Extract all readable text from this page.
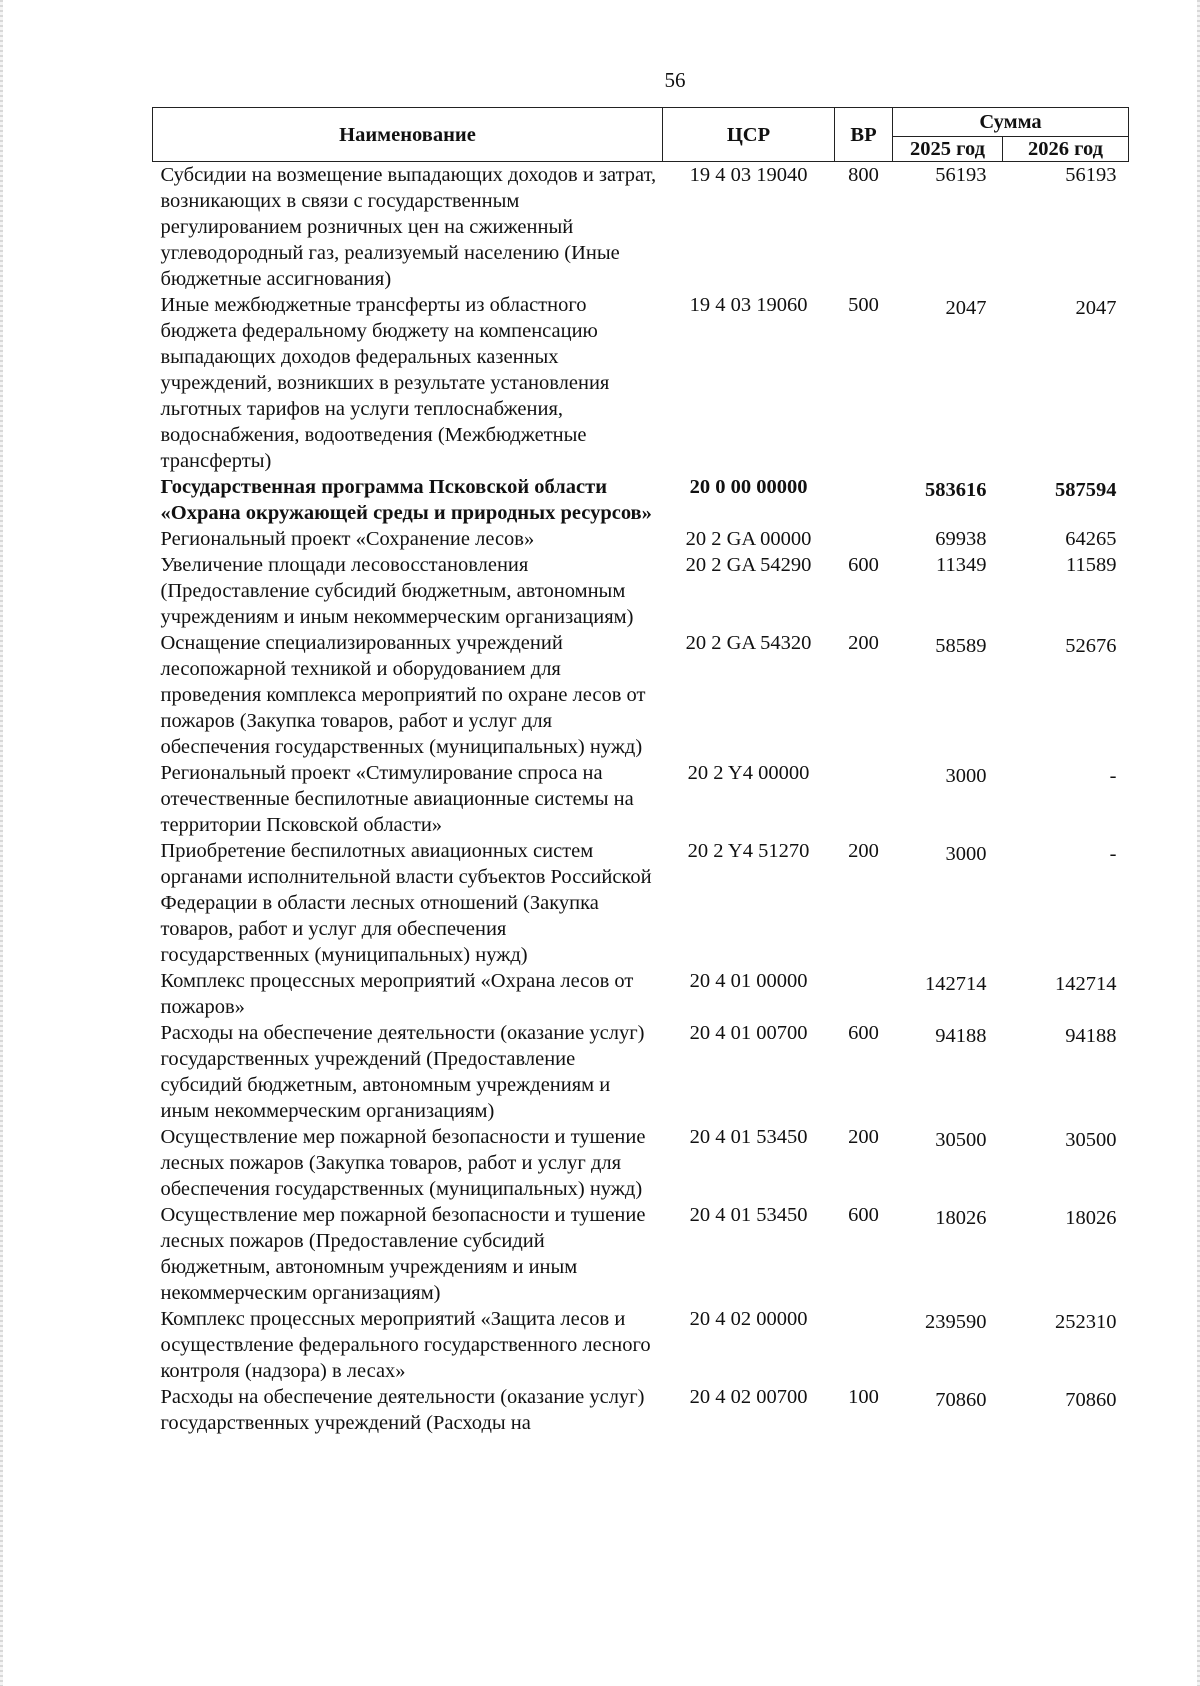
56
Наименование	ЦСР	ВР	Сумма	
			2025 год	2026 год
Субсидии на возмещение выпадающих доходов и затрат, возникающих в связи с государственным регулированием розничных цен на сжиженный углеводородный газ, реализуемый населению (Иные бюджетные ассигнования)	19 4 03 19040	800	56193	56193
Иные межбюджетные трансферты из областного бюджета федеральному бюджету на компенсацию выпадающих доходов федеральных казенных учреждений, возникших в результате установления льготных тарифов на услуги теплоснабжения, водоснабжения, водоотведения (Межбюджетные трансферты)	19 4 03 19060	500	2047	2047
Государственная программа Псковской области «Охрана окружающей среды и природных ресурсов»	20 0 00 00000		583616	587594
Региональный проект «Сохранение лесов»	20 2 GA 00000		69938	64265
Увеличение площади лесовосстановления (Предоставление субсидий бюджетным, автономным учреждениям и иным некоммерческим организациям)	20 2 GA 54290	600	11349	11589
Оснащение специализированных учреждений лесопожарной техникой и оборудованием для проведения комплекса мероприятий по охране лесов от пожаров (Закупка товаров, работ и услуг для обеспечения государственных (муниципальных) нужд)	20 2 GA 54320	200	58589	52676
Региональный проект «Стимулирование спроса на отечественные беспилотные авиационные системы на территории Псковской области»	20 2 Y4 00000		3000	-
Приобретение беспилотных авиационных систем органами исполнительной власти субъектов Российской Федерации в области лесных отношений (Закупка товаров, работ и услуг для обеспечения государственных (муниципальных) нужд)	20 2 Y4 51270	200	3000	-
Комплекс процессных мероприятий «Охрана лесов от пожаров»	20 4 01 00000		142714	142714
Расходы на обеспечение деятельности (оказание услуг) государственных учреждений (Предоставление субсидий бюджетным, автономным учреждениям и иным некоммерческим организациям)	20 4 01 00700	600	94188	94188
Осуществление мер пожарной безопасности и тушение лесных пожаров (Закупка товаров, работ и услуг для обеспечения государственных (муниципальных) нужд)	20 4 01 53450	200	30500	30500
Осуществление мер пожарной безопасности и тушение лесных пожаров (Предоставление субсидий бюджетным, автономным учреждениям и иным некоммерческим организациям)	20 4 01 53450	600	18026	18026
Комплекс процессных мероприятий «Защита лесов и осуществление федерального государственного лесного контроля (надзора) в лесах»	20 4 02 00000		239590	252310
Расходы на обеспечение деятельности (оказание услуг) государственных учреждений (Расходы на	20 4 02 00700	100	70860	70860
